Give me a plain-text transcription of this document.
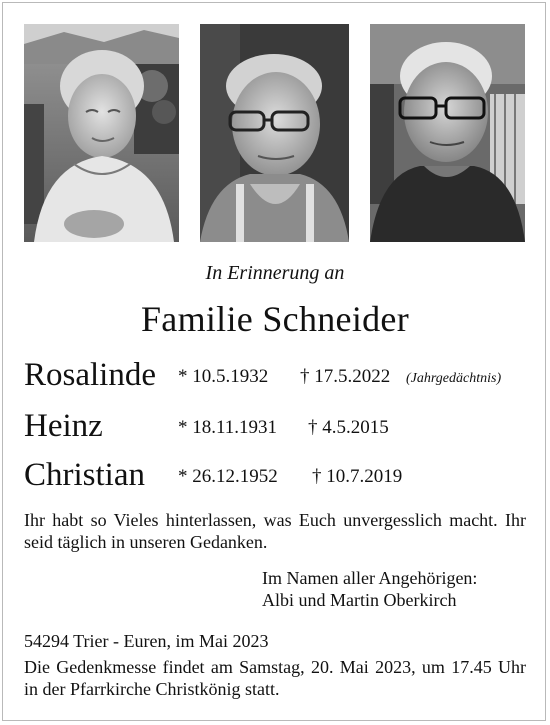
In Erinnerung an
Familie Schneider
Rosalinde * 10.5.1932 † 17.5.2022 (Jahrgedächtnis)
Heinz	* 18.11.1931 † 4.5.2015
Christian * 26.12.1952 † 10.7.2019
Ihr habt so Vieles hinterlassen, was Euch unvergesslich macht. Ihr seid täglich in unseren Gedanken.
Im Namen aller Angehörigen:
Albi und Martin Oberkirch
54294 Trier - Euren, im Mai 2023
Die Gedenkmesse findet am Samstag, 20. Mai 2023, um 17.45 Uhr in der Pfarrkirche Christkönig statt.
